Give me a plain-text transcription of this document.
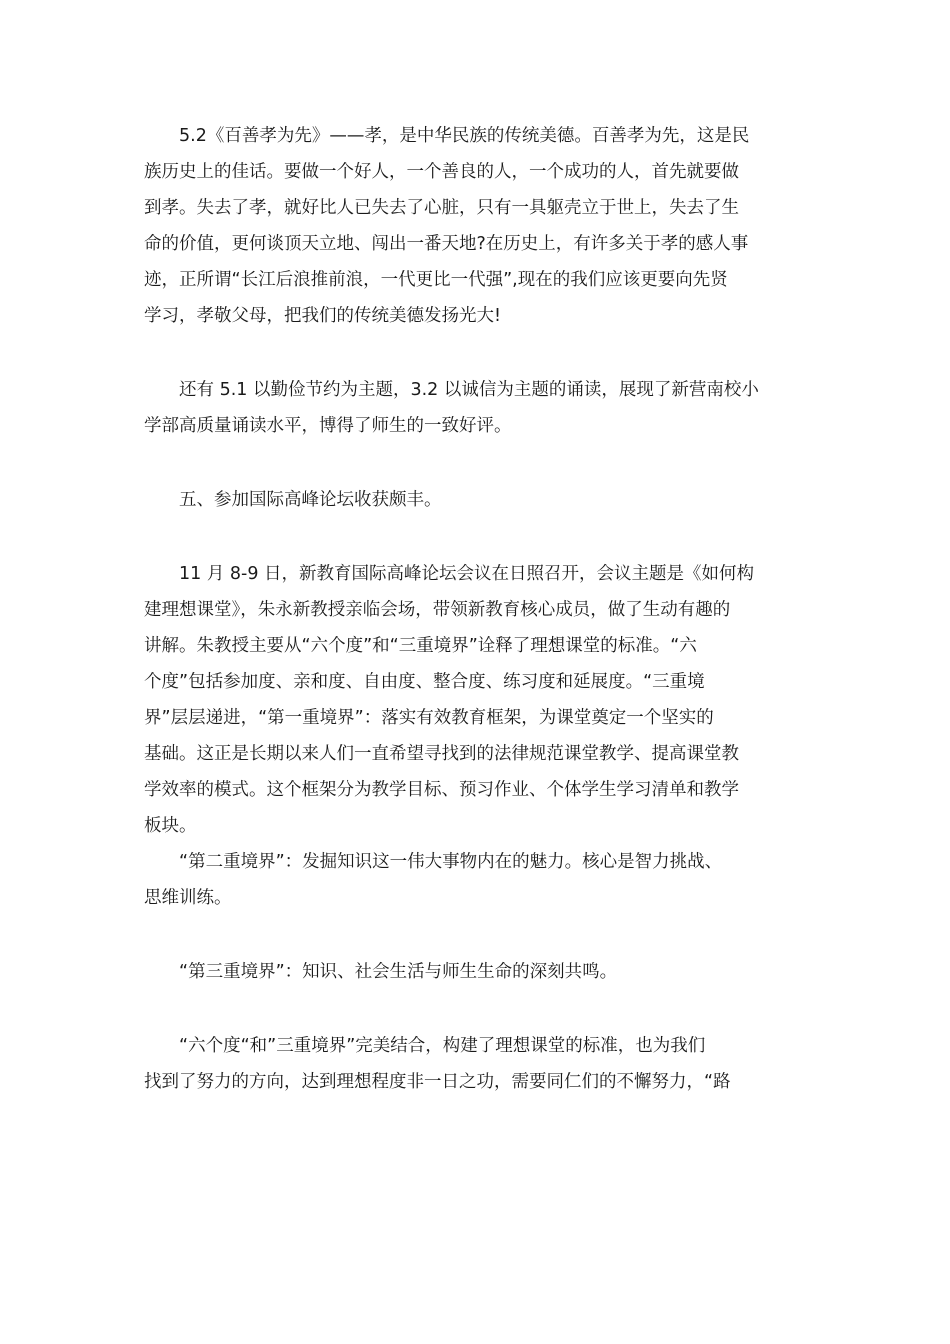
5.2《百善孝为先》——孝，是中华民族的传统美德。百善孝为先，这是民
族历史上的佳话。要做一个好人，一个善良的人，一个成功的人，首先就要做
到孝。失去了孝，就好比人已失去了心脏，只有一具躯壳立于世上，失去了生
命的价值，更何谈顶天立地、闯出一番天地?在历史上，有许多关于孝的感人事
迹，正所谓“长江后浪推前浪，一代更比一代强”,现在的我们应该更要向先贤
学习，孝敬父母，把我们的传统美德发扬光大!
还有 5.1 以勤俭节约为主题，3.2 以诚信为主题的诵读，展现了新营南校小
学部高质量诵读水平，博得了师生的一致好评。
五、参加国际高峰论坛收获颇丰。
11 月 8-9 日，新教育国际高峰论坛会议在日照召开，会议主题是《如何构
建理想课堂》，朱永新教授亲临会场，带领新教育核心成员，做了生动有趣的
讲解。朱教授主要从“六个度”和“三重境界”诠释了理想课堂的标准。“六
个度”包括参加度、亲和度、自由度、整合度、练习度和延展度。“三重境
界”层层递进，“第一重境界”：落实有效教育框架，为课堂奠定一个坚实的
基础。这正是长期以来人们一直希望寻找到的法律规范课堂教学、提高课堂教
学效率的模式。这个框架分为教学目标、预习作业、个体学生学习清单和教学
板块。
“第二重境界”：发掘知识这一伟大事物内在的魅力。核心是智力挑战、
思维训练。
“第三重境界”：知识、社会生活与师生生命的深刻共鸣。
“六个度“和”三重境界”完美结合，构建了理想课堂的标准，也为我们
找到了努力的方向，达到理想程度非一日之功，需要同仁们的不懈努力，“路
